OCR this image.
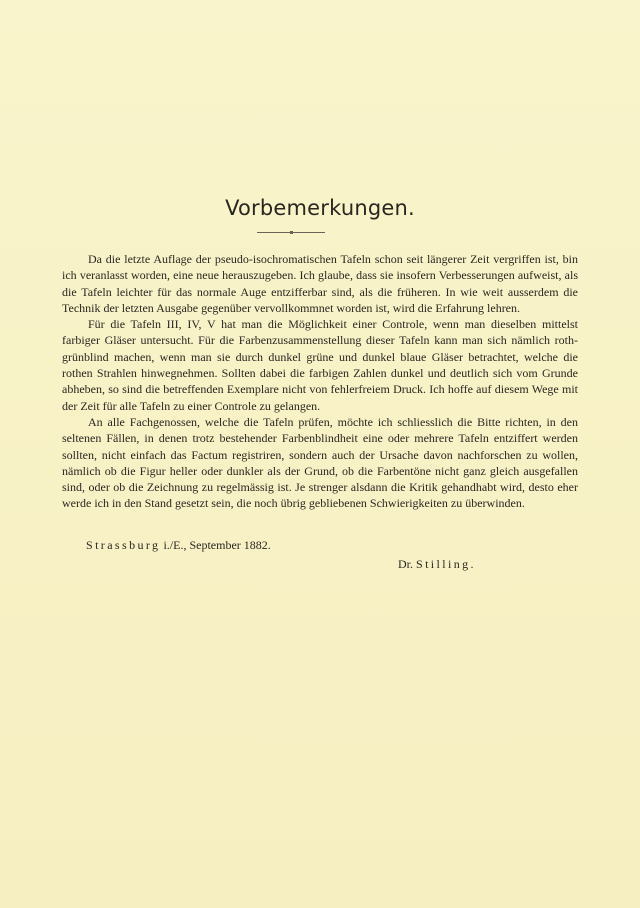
Vorbemerkungen.

Da die letzte Auflage der pseudo-isochromatischen Tafeln schon seit längerer Zeit vergriffen ist, bin ich veranlasst worden, eine neue herauszugeben. Ich glaube, dass sie insofern Verbesserungen aufweist, als die Tafeln leichter für das normale Auge entzifferbar sind, als die früheren. In wie weit ausserdem die Technik der letzten Ausgabe gegenüber vervollkommnet worden ist, wird die Erfahrung lehren.

Für die Tafeln III, IV, V hat man die Möglichkeit einer Controle, wenn man dieselben mittelst farbiger Gläser untersucht. Für die Farbenzusammenstellung dieser Tafeln kann man sich nämlich roth-grünblind machen, wenn man sie durch dunkel grüne und dunkel blaue Gläser betrachtet, welche die rothen Strahlen hinwegnehmen. Sollten dabei die farbigen Zahlen dunkel und deutlich sich vom Grunde abheben, so sind die betreffenden Exemplare nicht von fehlerfreiem Druck. Ich hoffe auf diesem Wege mit der Zeit für alle Tafeln zu einer Controle zu gelangen.

An alle Fachgenossen, welche die Tafeln prüfen, möchte ich schliesslich die Bitte richten, in den seltenen Fällen, in denen trotz bestehender Farbenblindheit eine oder mehrere Tafeln entziffert werden sollten, nicht einfach das Factum registriren, sondern auch der Ursache davon nachforschen zu wollen, nämlich ob die Figur heller oder dunkler als der Grund, ob die Farbentöne nicht ganz gleich ausgefallen sind, oder ob die Zeichnung zu regelmässig ist. Je strenger alsdann die Kritik gehandhabt wird, desto eher werde ich in den Stand gesetzt sein, die noch übrig gebliebenen Schwierigkeiten zu überwinden.

Strassburg i./E., September 1882.
Dr. Stilling.
